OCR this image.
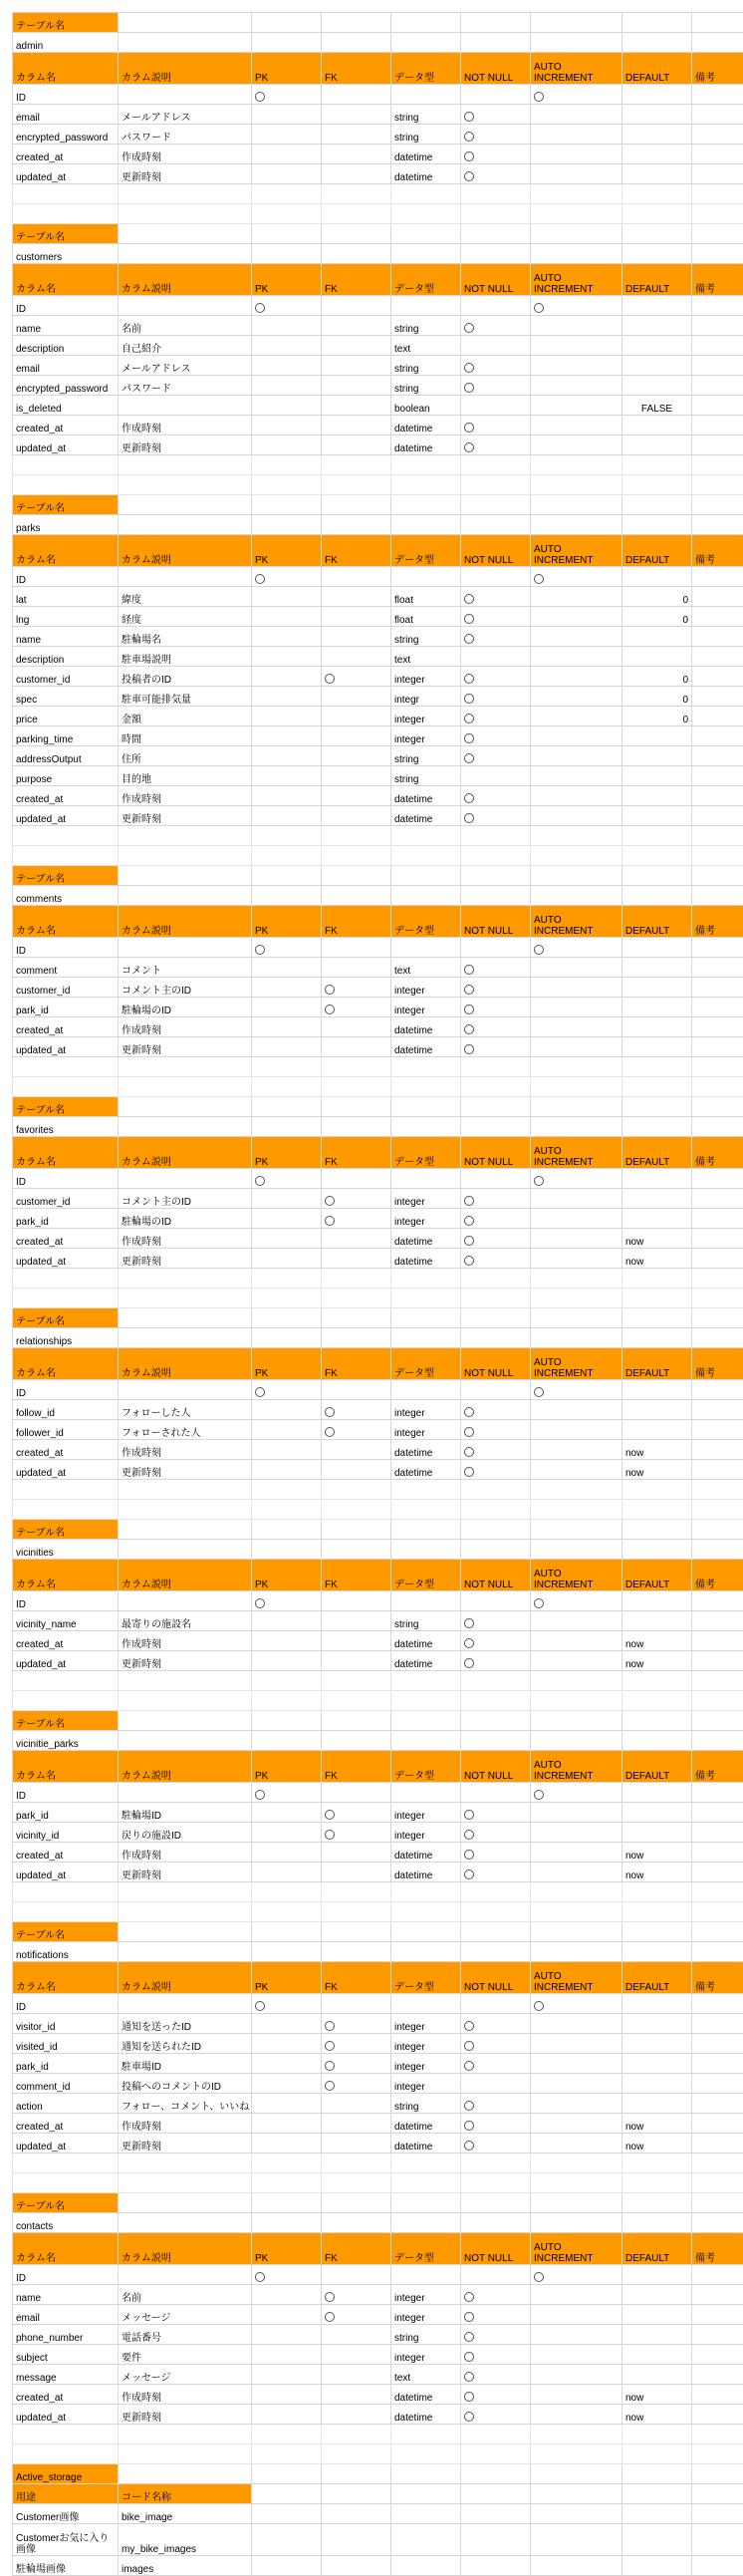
テーブル名								
admin								
カラム名	カラム説明	PK	FK	データ型	NOT NULL	AUTO INCREMENT	DEFAULT	備考
ID								
email	メールアドレス			string				
encrypted_password	パスワード			string				
created_at	作成時刻			datetime				
updated_at	更新時刻			datetime				

テーブル名								
customers								
カラム名	カラム説明	PK	FK	データ型	NOT NULL	AUTO INCREMENT	DEFAULT	備考
ID								
name	名前			string				
description	自己紹介			text				
email	メールアドレス			string				
encrypted_password	パスワード			string				
is_deleted				boolean			FALSE	
created_at	作成時刻			datetime				
updated_at	更新時刻			datetime				

テーブル名								
parks								
カラム名	カラム説明	PK	FK	データ型	NOT NULL	AUTO INCREMENT	DEFAULT	備考
ID								
lat	緯度			float			0	
lng	経度			float			0	
name	駐輪場名			string				
description	駐車場説明			text				
customer_id	投稿者のID			integer			0	
spec	駐車可能排気量			integr			0	
price	金額			integer			0	
parking_time	時間			integer				
addressOutput	住所			string				
purpose	目的地			string				
created_at	作成時刻			datetime				
updated_at	更新時刻			datetime				

テーブル名								
comments								
カラム名	カラム説明	PK	FK	データ型	NOT NULL	AUTO INCREMENT	DEFAULT	備考
ID								
comment	コメント			text				
customer_id	コメント主のID			integer				
park_id	駐輪場のID			integer				
created_at	作成時刻			datetime				
updated_at	更新時刻			datetime				

テーブル名								
favorites								
カラム名	カラム説明	PK	FK	データ型	NOT NULL	AUTO INCREMENT	DEFAULT	備考
ID								
customer_id	コメント主のID			integer				
park_id	駐輪場のID			integer				
created_at	作成時刻			datetime			now	
updated_at	更新時刻			datetime			now	

テーブル名								
relationships								
カラム名	カラム説明	PK	FK	データ型	NOT NULL	AUTO INCREMENT	DEFAULT	備考
ID								
follow_id	フォローした人			integer				
follower_id	フォローされた人			integer				
created_at	作成時刻			datetime			now	
updated_at	更新時刻			datetime			now	

テーブル名								
vicinities								
カラム名	カラム説明	PK	FK	データ型	NOT NULL	AUTO INCREMENT	DEFAULT	備考
ID								
vicinity_name	最寄りの施設名			string				
created_at	作成時刻			datetime			now	
updated_at	更新時刻			datetime			now	

テーブル名								
vicinitie_parks								
カラム名	カラム説明	PK	FK	データ型	NOT NULL	AUTO INCREMENT	DEFAULT	備考
ID								
park_id	駐輪場ID			integer				
vicinity_id	戻りの施設ID			integer				
created_at	作成時刻			datetime			now	
updated_at	更新時刻			datetime			now	

テーブル名								
notifications								
カラム名	カラム説明	PK	FK	データ型	NOT NULL	AUTO INCREMENT	DEFAULT	備考
ID								
visitor_id	通知を送ったID			integer				
visited_id	通知を送られたID			integer				
park_id	駐車場ID			integer				
comment_id	投稿へのコメントのID			integer				
action	フォロー、コメント、いいね			string				
created_at	作成時刻			datetime			now	
updated_at	更新時刻			datetime			now	

テーブル名								
contacts								
カラム名	カラム説明	PK	FK	データ型	NOT NULL	AUTO INCREMENT	DEFAULT	備考
ID								
name	名前			integer				
email	メッセージ			integer				
phone_number	電話番号			string				
subject	要件			integer				
message	メッセージ			text				
created_at	作成時刻			datetime			now	
updated_at	更新時刻			datetime			now	

Active_storage								
用途	コード名称							
Customer画像	bike_image							
Customerお気に入り画像	my_bike_images							
駐輪場画像	images							
